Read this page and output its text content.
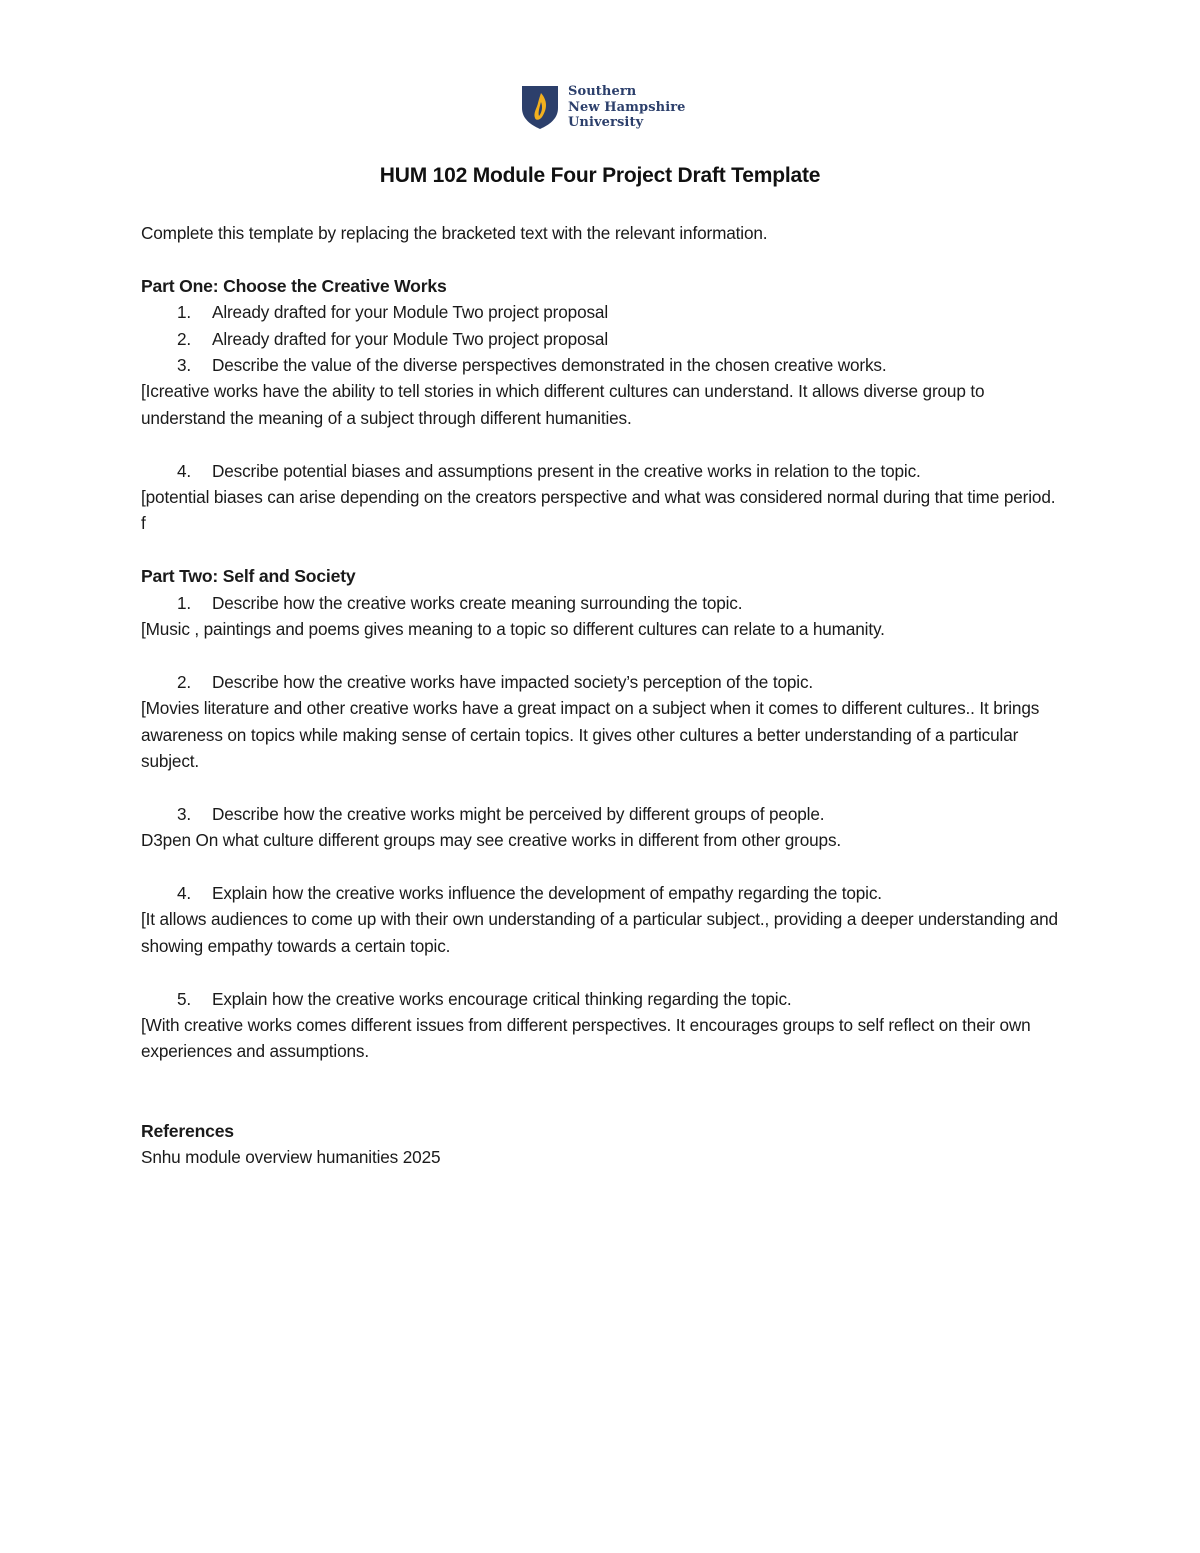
Southern
New Hampshire
University
HUM 102 Module Four Project Draft Template

Complete this template by replacing the bracketed text with the relevant information.

Part One: Choose the Creative Works

1.	Already drafted for your Module Two project proposal
2.	Already drafted for your Module Two project proposal
3.	Describe the value of the diverse perspectives demonstrated in the chosen creative works.

[Icreative works have the ability to tell stories in which different cultures can understand. It allows diverse group to understand the meaning of a subject through different humanities.

4.	Describe potential biases and assumptions present in the creative works in relation to the topic.

[potential biases can arise depending on the creators perspective and what was considered normal during that time period. f

Part Two: Self and Society

1.	Describe how the creative works create meaning surrounding the topic.

[Music , paintings and poems gives meaning to a topic so different cultures can relate to a humanity.

2.	Describe how the creative works have impacted society’s perception of the topic.

[Movies literature and other creative works have a great impact on a subject when it comes to different cultures.. It brings awareness on topics while making sense of certain topics. It gives other cultures a better understanding of a particular subject.

3.	Describe how the creative works might be perceived by different groups of people.

D3pen On what culture different groups may see creative works in different from other groups.

4.	Explain how the creative works influence the development of empathy regarding the topic.

[It allows audiences to come up with their own understanding of a particular subject., providing a deeper understanding and showing empathy towards a certain topic.

5.	Explain how the creative works encourage critical thinking regarding the topic.

[With creative works comes different issues from different perspectives. It encourages groups to self reflect on their own experiences and assumptions.

References

Snhu module overview humanities 2025
